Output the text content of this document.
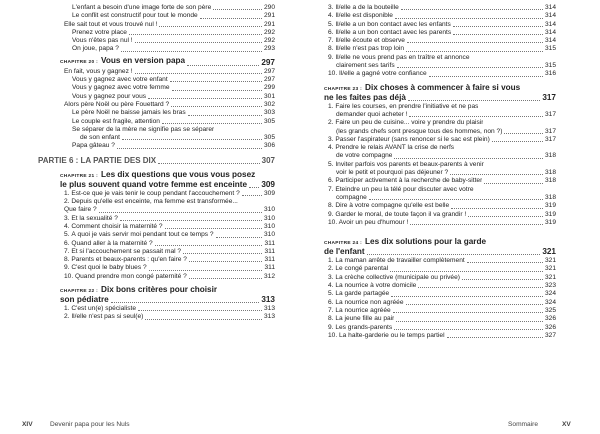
L'enfant a besoin d'une image forte de son père	290
Le conflit est constructif pour tout le monde	291
Elle sait tout et vous trouvé nul !	291
Prenez votre place	292
Vous n'êtes pas nul !	292
On joue, papa ?	293
CHAPITRE 20 : Vous en version papa	297
En fait, vous y gagnez !	297
Vous y gagnez avec votre enfant	297
Vous y gagnez avec votre femme	299
Vous y gagnez pour vous	301
Alors père Noël ou père Fouettard ?	302
Le père Noël ne baisse jamais les bras	303
Le couple est fragile, attention	305
Se séparer de la mère ne signifie pas se séparer
de son enfant	305
Papa gâteau ?	306
PARTIE 6 : LA PARTIE DES DIX	307
CHAPITRE 21 : Les dix questions que vous vous posez
le plus souvent quand votre femme est enceinte 309
1. Est-ce que je vais tenir le coup pendant l'accouchement ?	309
2. Depuis qu'elle est enceinte, ma femme est transformée...
Que faire ?	310
3. Et la sexualité ?	310
4. Comment choisir la maternité ?	310
5. À quoi je vais servir moi pendant tout ce temps ?	310
6. Quand aller à la maternité ?	311
7. Et si l'accouchement se passait mal ?	311
8. Parents et beaux-parents : qu'en faire ?	311
9. C'est quoi le baby blues ?	311
10. Quand prendre mon congé paternité ?	312
CHAPITRE 22 : Dix bons critères pour choisir
son pédiatre	313
1. C'est un(e) spécialiste	313
2. Il/elle n'est pas si seul(e)	313
XIV	Devenir papa pour les Nuls
3. Il/elle a de la bouteille	314
4. Il/elle est disponible	314
5. Il/elle a un bon contact avec les enfants	314
6. Il/elle a un bon contact avec les parents	314
7. Il/elle écoute et observe	314
8. Il/elle n'est pas trop loin	315
9. Il/elle ne vous prend pas en traître et annonce
clairement ses tarifs	315
10. Il/elle a gagné votre confiance	316
CHAPITRE 23 : Dix choses à commencer à faire si vous
ne les faites pas déjà	317
1. Faire les courses, en prendre l'initiative et ne pas
demander quoi acheter !	317
2. Faire un peu de cuisine... voire y prendre du plaisir
(les grands chefs sont presque tous des hommes, non ?)	317
3. Passer l'aspirateur (sans renoncer si le sac est plein)	317
4. Prendre le relais AVANT la crise de nerfs
de votre compagne	318
5. Inviter parfois vos parents et beaux-parents à venir
voir le petit et pourquoi pas déjeuner ?	318
6. Participer activement à la recherche de baby-sitter	318
7. Éteindre un peu la télé pour discuter avec votre
compagne	318
8. Dire à votre compagne qu'elle est belle	319
9. Garder le moral, de toute façon il va grandir !	319
10. Avoir un peu d'humour !	319
CHAPITRE 24 : Les dix solutions pour la garde
de l'enfant	321
1. La maman arrête de travailler complètement	321
2. Le congé parental	321
3. La crèche collective (municipale ou privée)	321
4. La nourrice à votre domicile	323
5. La garde partagée	324
6. La nourrice non agréée	324
7. La nourrice agréée	325
8. La jeune fille au pair	326
9. Les grands-parents	326
10. La halte-garderie ou le temps partiel	327
Sommaire	XV
